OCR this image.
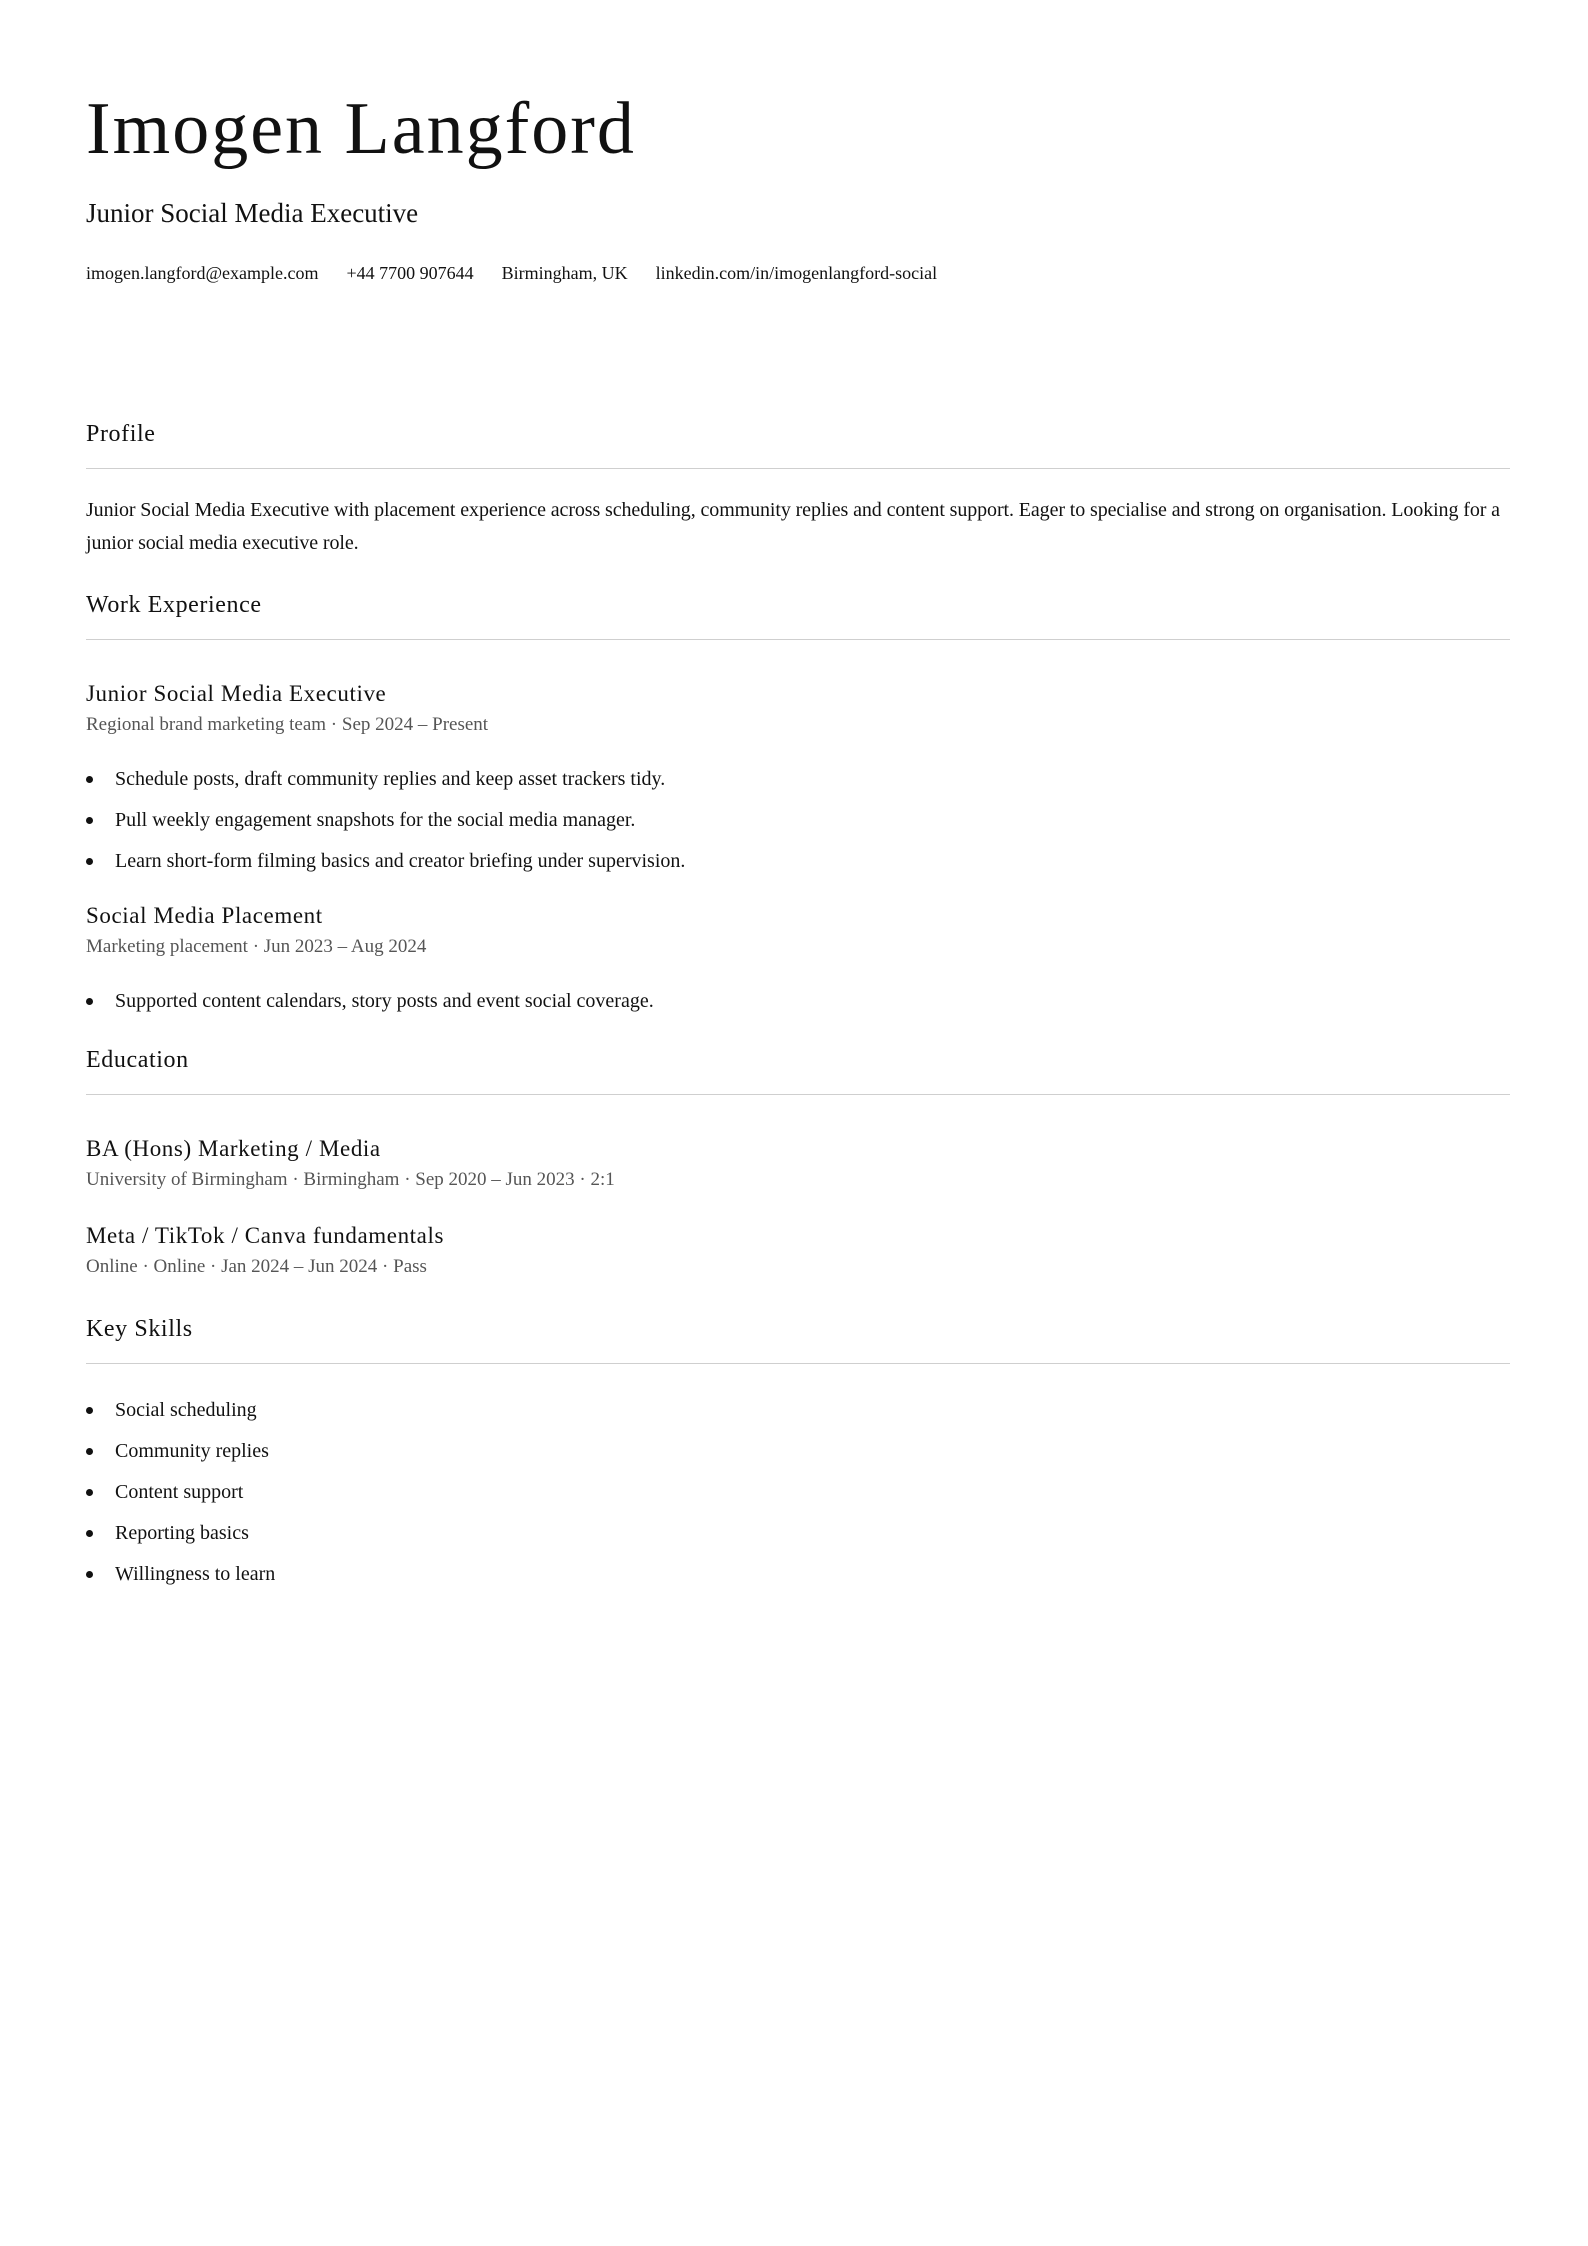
Imogen Langford
Junior Social Media Executive
imogen.langford@example.com +44 7700 907644 Birmingham, UK linkedin.com/in/imogenlangford-social
Profile
Junior Social Media Executive with placement experience across scheduling, community replies and content support. Eager to specialise and strong on organisation. Looking for a junior social media executive role.
Work Experience
Junior Social Media Executive
Regional brand marketing team · Sep 2024 – Present
Schedule posts, draft community replies and keep asset trackers tidy.
Pull weekly engagement snapshots for the social media manager.
Learn short-form filming basics and creator briefing under supervision.
Social Media Placement
Marketing placement · Jun 2023 – Aug 2024
Supported content calendars, story posts and event social coverage.
Education
BA (Hons) Marketing / Media
University of Birmingham · Birmingham · Sep 2020 – Jun 2023 · 2:1
Meta / TikTok / Canva fundamentals
Online · Online · Jan 2024 – Jun 2024 · Pass
Key Skills
Social scheduling
Community replies
Content support
Reporting basics
Willingness to learn
